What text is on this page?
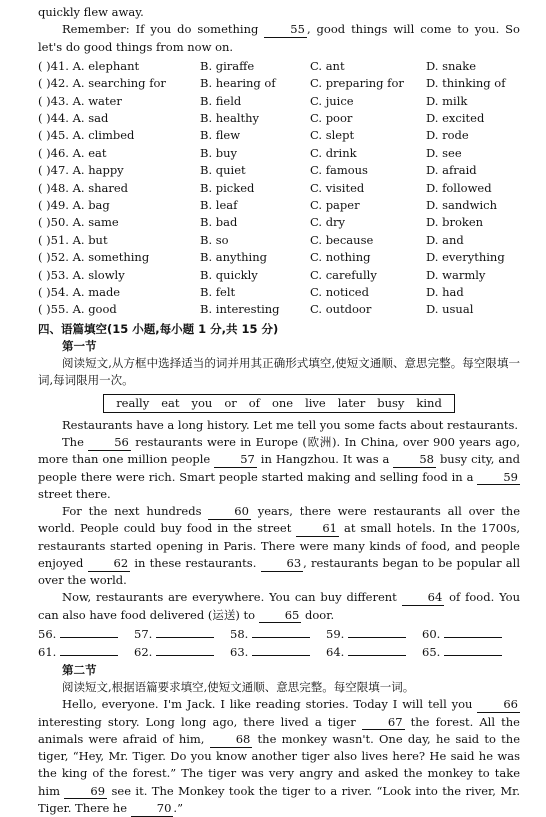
quickly flew away.

Remember: If you do something 55 , good things will come to you. So let's do good things from now on.

( )41. A. elephant	B. giraffe	C. ant	D. snake
( )42. A. searching for	B. hearing of	C. preparing for	D. thinking of
( )43. A. water	B. field	C. juice	D. milk
( )44. A. sad	B. healthy	C. poor	D. excited
( )45. A. climbed	B. flew	C. slept	D. rode
( )46. A. eat	B. buy	C. drink	D. see
( )47. A. happy	B. quiet	C. famous	D. afraid
( )48. A. shared	B. picked	C. visited	D. followed
( )49. A. bag	B. leaf	C. paper	D. sandwich
( )50. A. same	B. bad	C. dry	D. broken
( )51. A. but	B. so	C. because	D. and
( )52. A. something	B. anything	C. nothing	D. everything
( )53. A. slowly	B. quickly	C. carefully	D. warmly
( )54. A. made	B. felt	C. noticed	D. had
( )55. A. good	B. interesting	C. outdoor	D. usual
四、语篇填空(15 小题,每小题 1 分,共 15 分)
第一节

阅读短文,从方框中选择适当的词并用其正确形式填空,使短文通顺、意思完整。每空限填一词,每词限用一次。

really eat you or of one live later busy kind

Restaurants have a long history. Let me tell you some facts about restaurants.

The 56 restaurants were in Europe (欧洲). In China, over 900 years ago, more than one million people 57 in Hangzhou. It was a 58 busy city, and people there were rich. Smart people started making and selling food in a 59 street there.

For the next hundreds 60 years, there were restaurants all over the world. People could buy food in the street 61 at small hotels. In the 1700s, restaurants started opening in Paris. There were many kinds of food, and people enjoyed 62 in these restaurants. 63 , restaurants began to be popular all over the world.

Now, restaurants are everywhere. You can buy different 64 of food. You can also have food delivered (运送) to 65 door.

56.	57.	58.	59.	60.
61.	62.	63.	64.	65.
第二节

阅读短文,根据语篇要求填空,使短文通顺、意思完整。每空限填一词。

Hello, everyone. I'm Jack. I like reading stories. Today I will tell you 66 interesting story. Long long ago, there lived a tiger 67 the forest. All the animals were afraid of him, 68 the monkey wasn't. One day, he said to the tiger, “Hey, Mr. Tiger. Do you know another tiger also lives here? He said he was the king of the forest.” The tiger was very angry and asked the monkey to take him 69 see it. The Monkey took the tiger to a river. “Look into the river, Mr. Tiger. There he 70 .”
